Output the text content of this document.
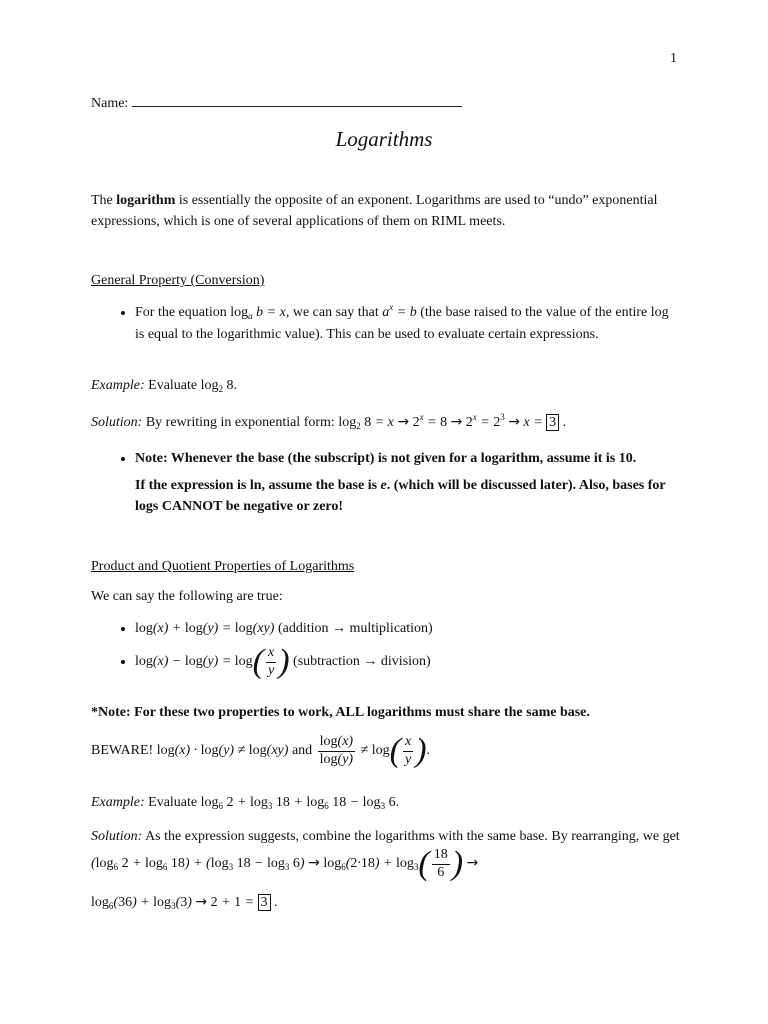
1
Name:
Logarithms
The logarithm is essentially the opposite of an exponent. Logarithms are used to “undo” exponential expressions, which is one of several applications of them on RIML meets.
General Property (Conversion)
• For the equation $\log_a b = x$, we can say that $a^x = b$ (the base raised to the value of the entire log is equal to the logarithmic value). This can be used to evaluate certain expressions.
Example: Evaluate $\log_2 8$.
Solution: By rewriting in exponential form: $\log_2 8 = x \to 2^x = 8 \to 2^x = 2^3 \to x = 3$ .
• Note: Whenever the base (the subscript) is not given for a logarithm, assume it is 10.
If the expression is ln, assume the base is e. (which will be discussed later). Also, bases for logs CANNOT be negative or zero!
Product and Quotient Properties of Logarithms
We can say the following are true:
• log(x) + log(y) = log(xy) (addition → multiplication)
• $\log(x) - \log(y) = \log( \frac{x}{y}$ ) (subtraction → division)
*Note: For these two properties to work, ALL logarithms must share the same base.
BEWARE! log(x) · log(y) ≠ log(xy) and $\frac{\log(x)}{\log(y)} \ne \log( \frac{x}{y}$ ).
Example: Evaluate $\log_6 2 + \log_3 18 + \log_6 18 - \log_3 6$.
Solution: As the expression suggests, combine the logarithms with the same base. By rearranging, we get ($\log_6$ $2 + \log_6 18) + (\log_3$ $18 - \log_3 6) \to \log_6(2\cdot 18) + \log_3( \frac{18}{6}$ ) →
$\log_6(36) + \log_3(3) \to 2 + 1 = 3$ .
